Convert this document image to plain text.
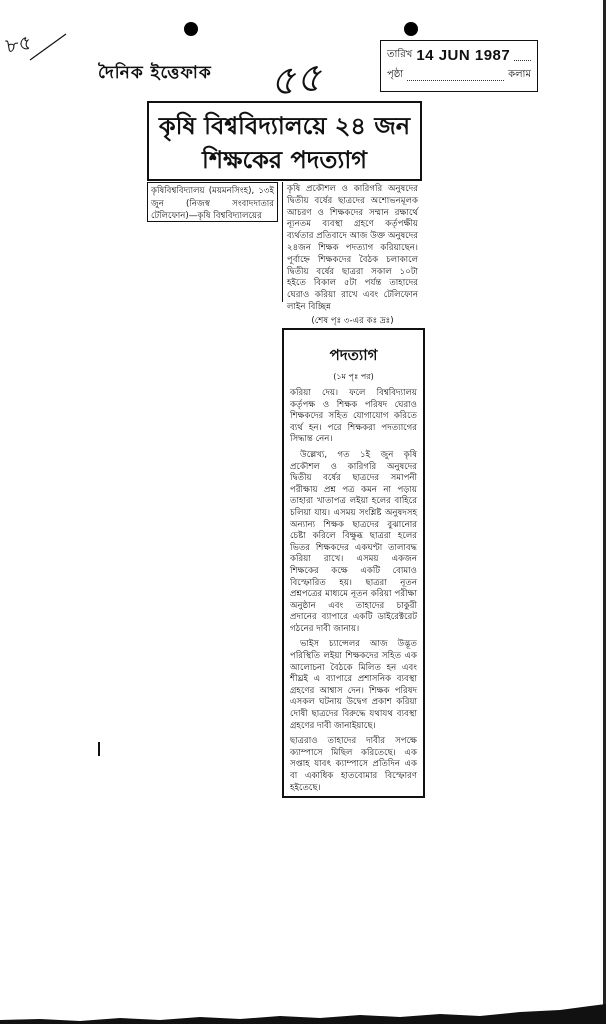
৮৫
দৈনিক ইত্তেফাক ৫৫
তারিখ 14 JUN 1987
পৃষ্ঠা	কলাম
কৃষি বিশ্ববিদ্যালয়ে ২৪ জন
শিক্ষকের পদত্যাগ
কৃষিবিশ্ববিদ্যালয় (ময়মনসিংহ), ১৩ই জুন (নিজস্ব সংবাদদাতার টেলিফোন)—কৃষি বিশ্ববিদ্যালয়ের
কৃষি প্রকৌশল ও কারিগরি অনুষদের দ্বিতীয় বর্ষের ছাত্রদের অশোভনমূলক আচরণ ও শিক্ষকদের সম্মান রক্ষার্থে ন্যূনতম ব্যবস্থা গ্রহণে কর্তৃপক্ষীয় ব্যর্থতার প্রতিবাদে আজ উক্ত অনুষদের ২৪জন শিক্ষক পদত্যাগ করিয়াছেন। পূর্বাহ্নে শিক্ষকদের বৈঠক চলাকালে দ্বিতীয় বর্ষের ছাত্ররা সকাল ১০টা হইতে বিকাল ৫টা পর্যন্ত তাহাদের ঘেরাও করিয়া রাখে এবং টেলিফোন লাইন বিচ্ছিন্ন
(শেষ পৃঃ ৩-এর কঃ দ্রঃ)
পদত্যাগ
(১ম পৃঃ পর)

করিয়া দেয়। ফলে বিশ্ববিদ্যালয় কর্তৃপক্ষ ও শিক্ষক পরিষদ ঘেরাও শিক্ষকদের সহিত যোগাযোগ করিতে ব্যর্থ হন। পরে শিক্ষকরা পদত্যাগের সিদ্ধান্ত নেন।

উল্লেখ্য, গত ১ই জুন কৃষি প্রকৌশল ও কারিগরি অনুষদের দ্বিতীয় বর্ষের ছাত্রদের সমাপনী পরীক্ষায় প্রশ্ন পত্র কমন না পড়ায় তাহারা খাতাপত্র লইয়া হলের বাহিরে চলিয়া যায়। এসময় সংশ্লিষ্ট অনুষদসহ অন্যান্য শিক্ষক ছাত্রদের বুঝানোর চেষ্টা করিলে বিক্ষুব্ধ ছাত্ররা হলের ভিতর শিক্ষকদের একঘণ্টা তালাবদ্ধ করিয়া রাখে। এসময় একজন শিক্ষকের কক্ষে একটি বোমাও বিস্ফোরিত হয়। ছাত্ররা নূতন প্রশ্নপত্রের মাধ্যমে নূতন করিয়া পরীক্ষা অনুষ্ঠান এবং তাহাদের চাকুরী প্রদানের ব্যাপারে একটি ডাইরেক্টরেট গঠনের দাবী জানায়।

ভাইস চ্যান্সেলর আজ উদ্ভূত পরিস্থিতি লইয়া শিক্ষকদের সহিত এক আলোচনা বৈঠকে মিলিত হন এবং শীঘ্রই এ ব্যাপারে প্রশাসনিক ব্যবস্থা গ্রহণের আশ্বাস দেন। শিক্ষক পরিষদ এসকল ঘটনায় উদ্বেগ প্রকাশ করিয়া দোষী ছাত্রদের বিরুদ্ধে যথাযথ ব্যবস্থা গ্রহণের দাবী জানাইয়াছে।

ছাত্ররাও তাহাদের দাবীর সপক্ষে ক্যাম্পাসে মিছিল করিতেছে। এক সপ্তাহ যাবৎ ক্যাম্পাসে প্রতিদিন এক বা একাধিক হাতবোমার বিস্ফোরণ হইতেছে।
